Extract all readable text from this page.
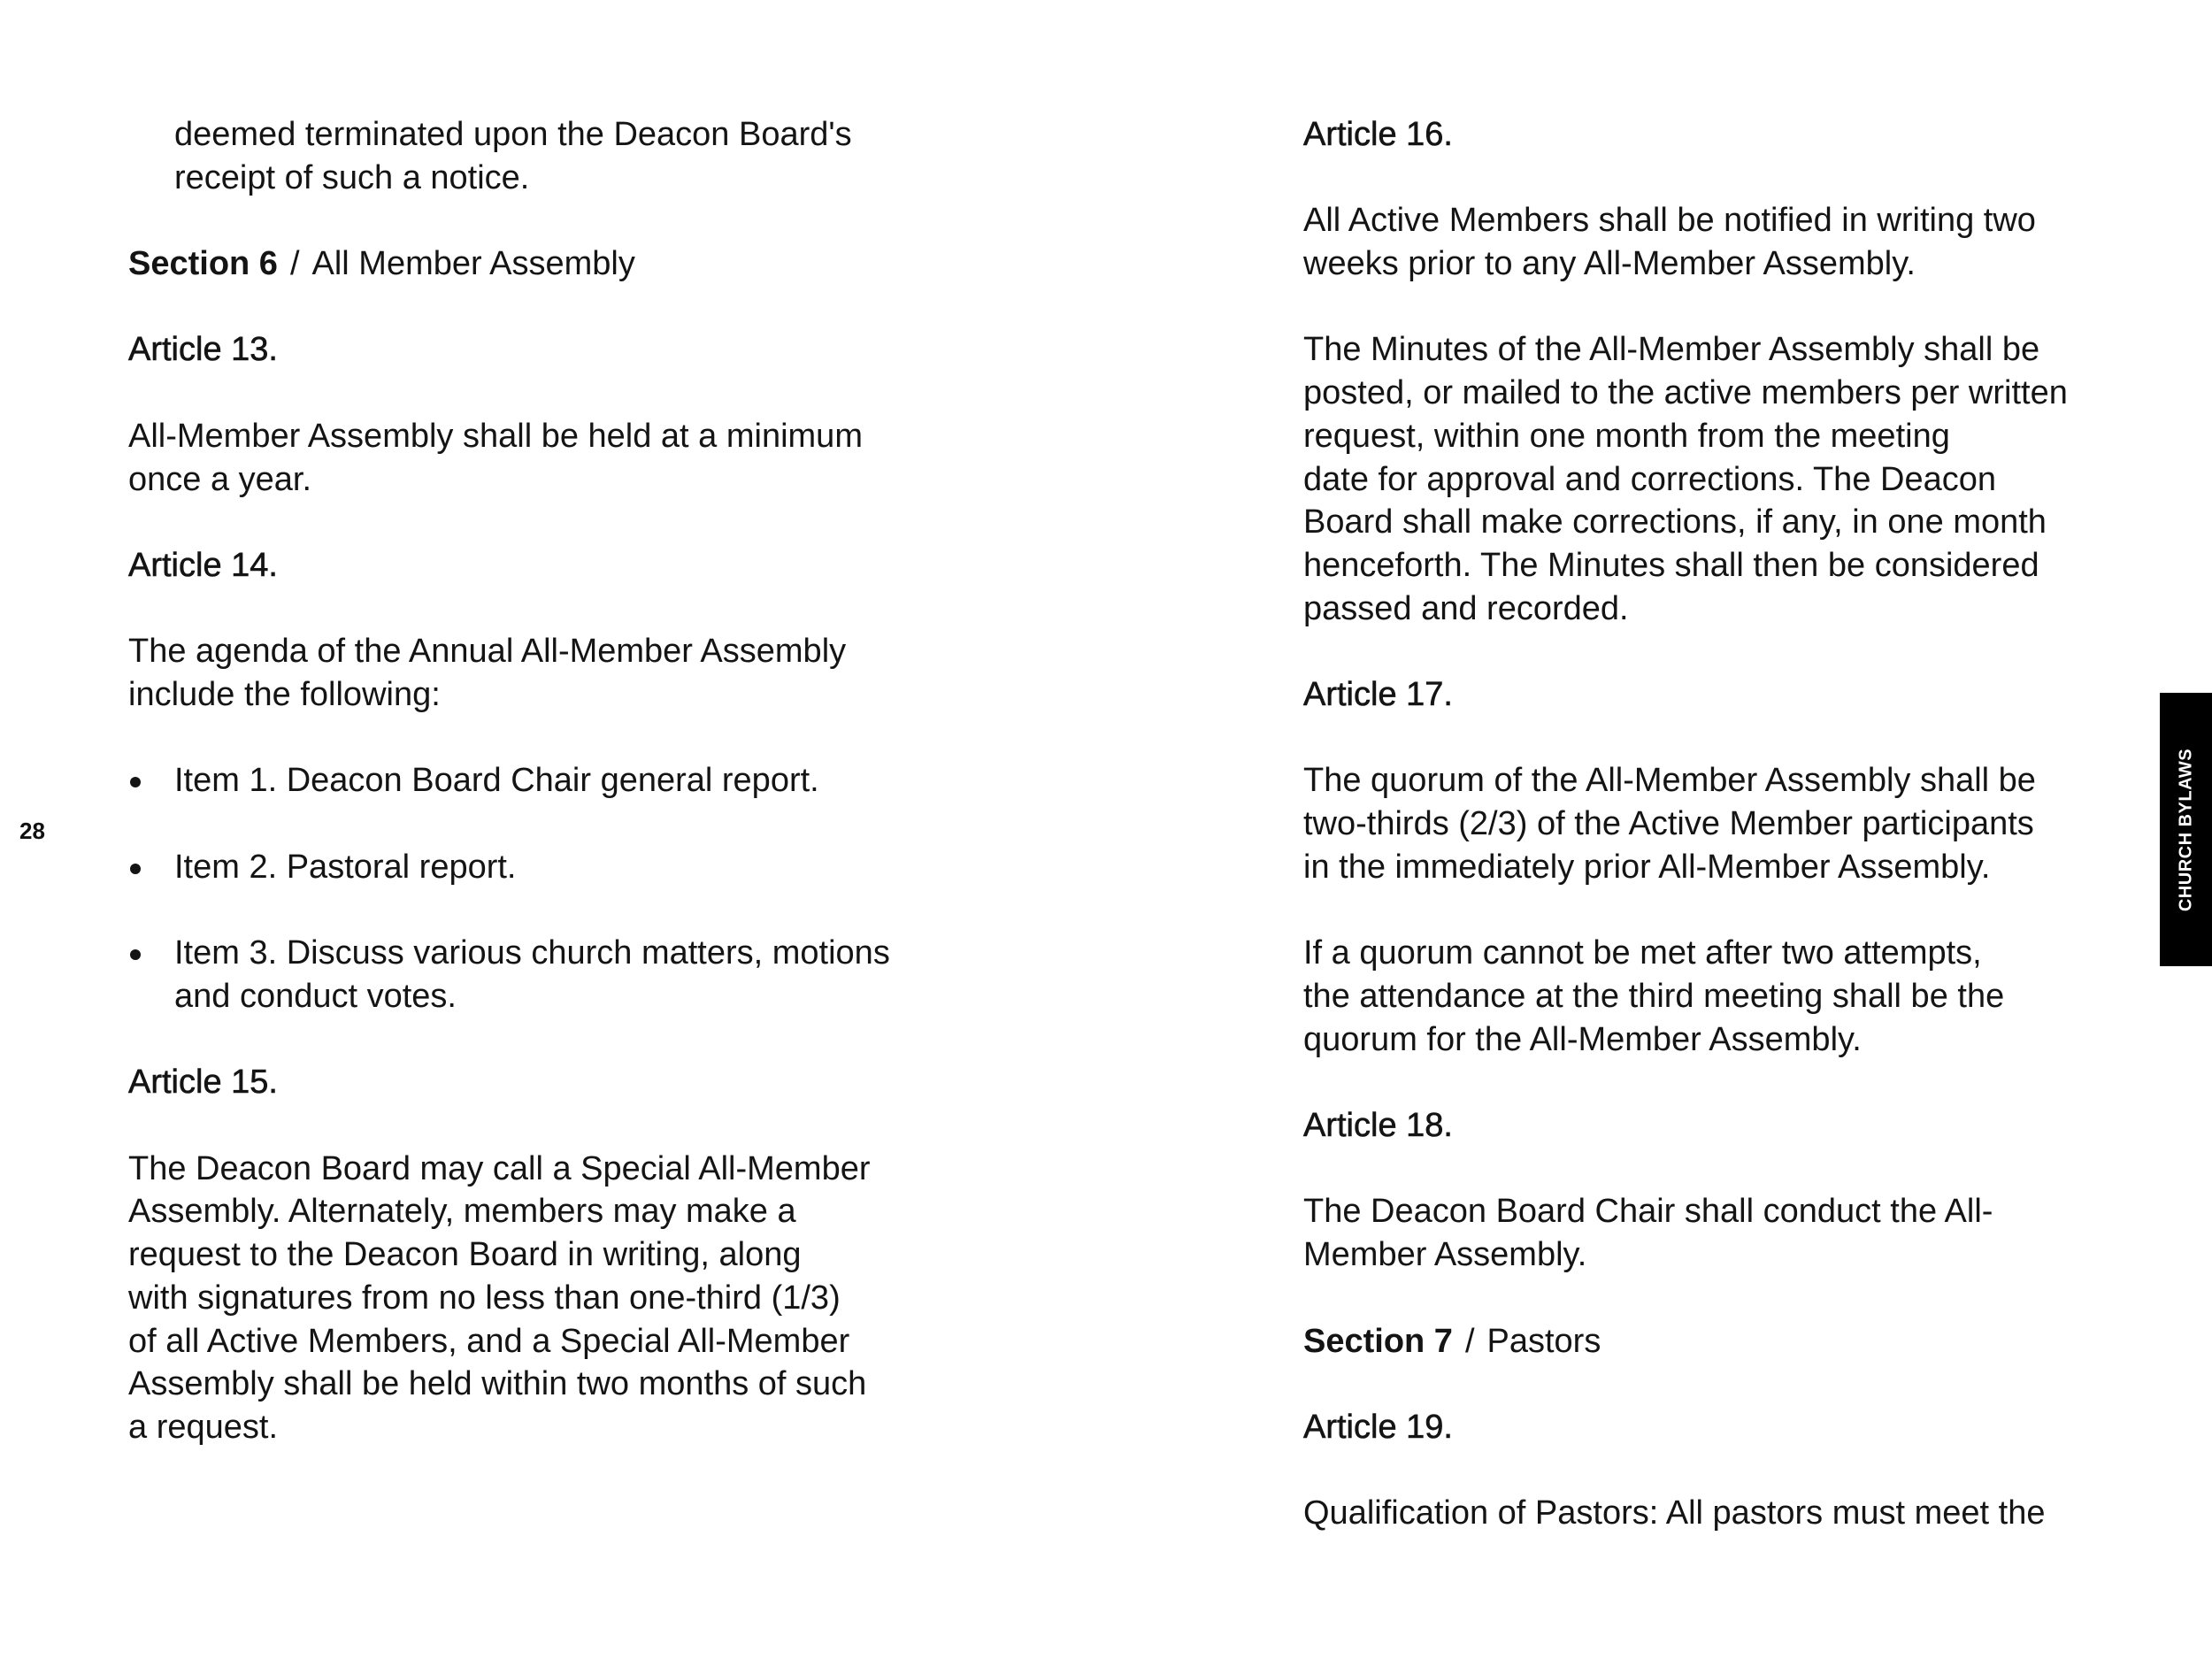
28
deemed terminated upon the Deacon Board's
receipt of such a notice.
Section 6 / All Member Assembly
Article 13.
All-Member Assembly shall be held at a minimum
once a year.
Article 14.
The agenda of the Annual All-Member Assembly
include the following:
Item 1. Deacon Board Chair general report.
Item 2. Pastoral report.
Item 3. Discuss various church matters, motions
and conduct votes.
Article 15.
The Deacon Board may call a Special All-Member
Assembly. Alternately, members may make a
request to the Deacon Board in writing, along
with signatures from no less than one-third (1/3)
of all Active Members, and a Special All-Member
Assembly shall be held within two months of such
a request.
Article 16.
All Active Members shall be notified in writing two
weeks prior to any All-Member Assembly.
The Minutes of the All-Member Assembly shall be
posted, or mailed to the active members per written
request, within one month from the meeting
date for approval and corrections. The Deacon
Board shall make corrections, if any, in one month
henceforth. The Minutes shall then be considered
passed and recorded.
Article 17.
The quorum of the All-Member Assembly shall be
two-thirds (2/3) of the Active Member participants
in the immediately prior All-Member Assembly.
If a quorum cannot be met after two attempts,
the attendance at the third meeting shall be the
quorum for the All-Member Assembly.
Article 18.
The Deacon Board Chair shall conduct the All-
Member Assembly.
Section 7 / Pastors
Article 19.
Qualification of Pastors: All pastors must meet the
CHURCH BYLAWS
